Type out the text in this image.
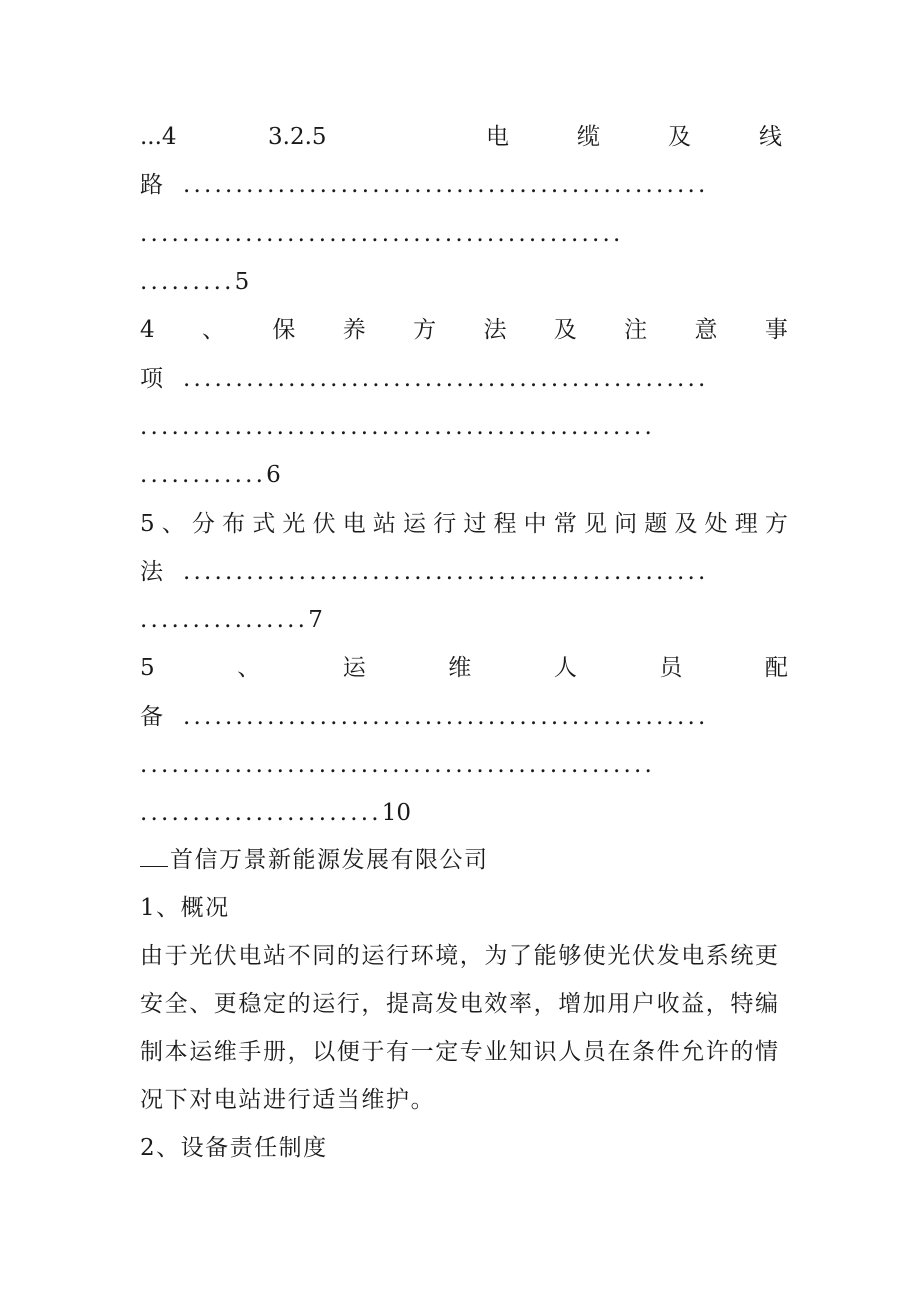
...4	3.2.5	电	缆	及	线
路 ..................................................
..............................................
.........5
4 、 保 养 方 法 及 注 意 事
项 ..................................................
.................................................
............6
5 、 分 布 式 光 伏 电 站 运 行 过 程 中 常 见 问 题 及 处 理 方
法 ..................................................
................7
5	、	运	维	人	员	配
备 ..................................................
.................................................
.......................10
首信万景新能源发展有限公司
1、概况
由于光伏电站不同的运行环境，为了能够使光伏发电系统更
安全、更稳定的运行，提高发电效率，增加用户收益，特编
制本运维手册，以便于有一定专业知识人员在条件允许的情
况下对电站进行适当维护。
2、设备责任制度
